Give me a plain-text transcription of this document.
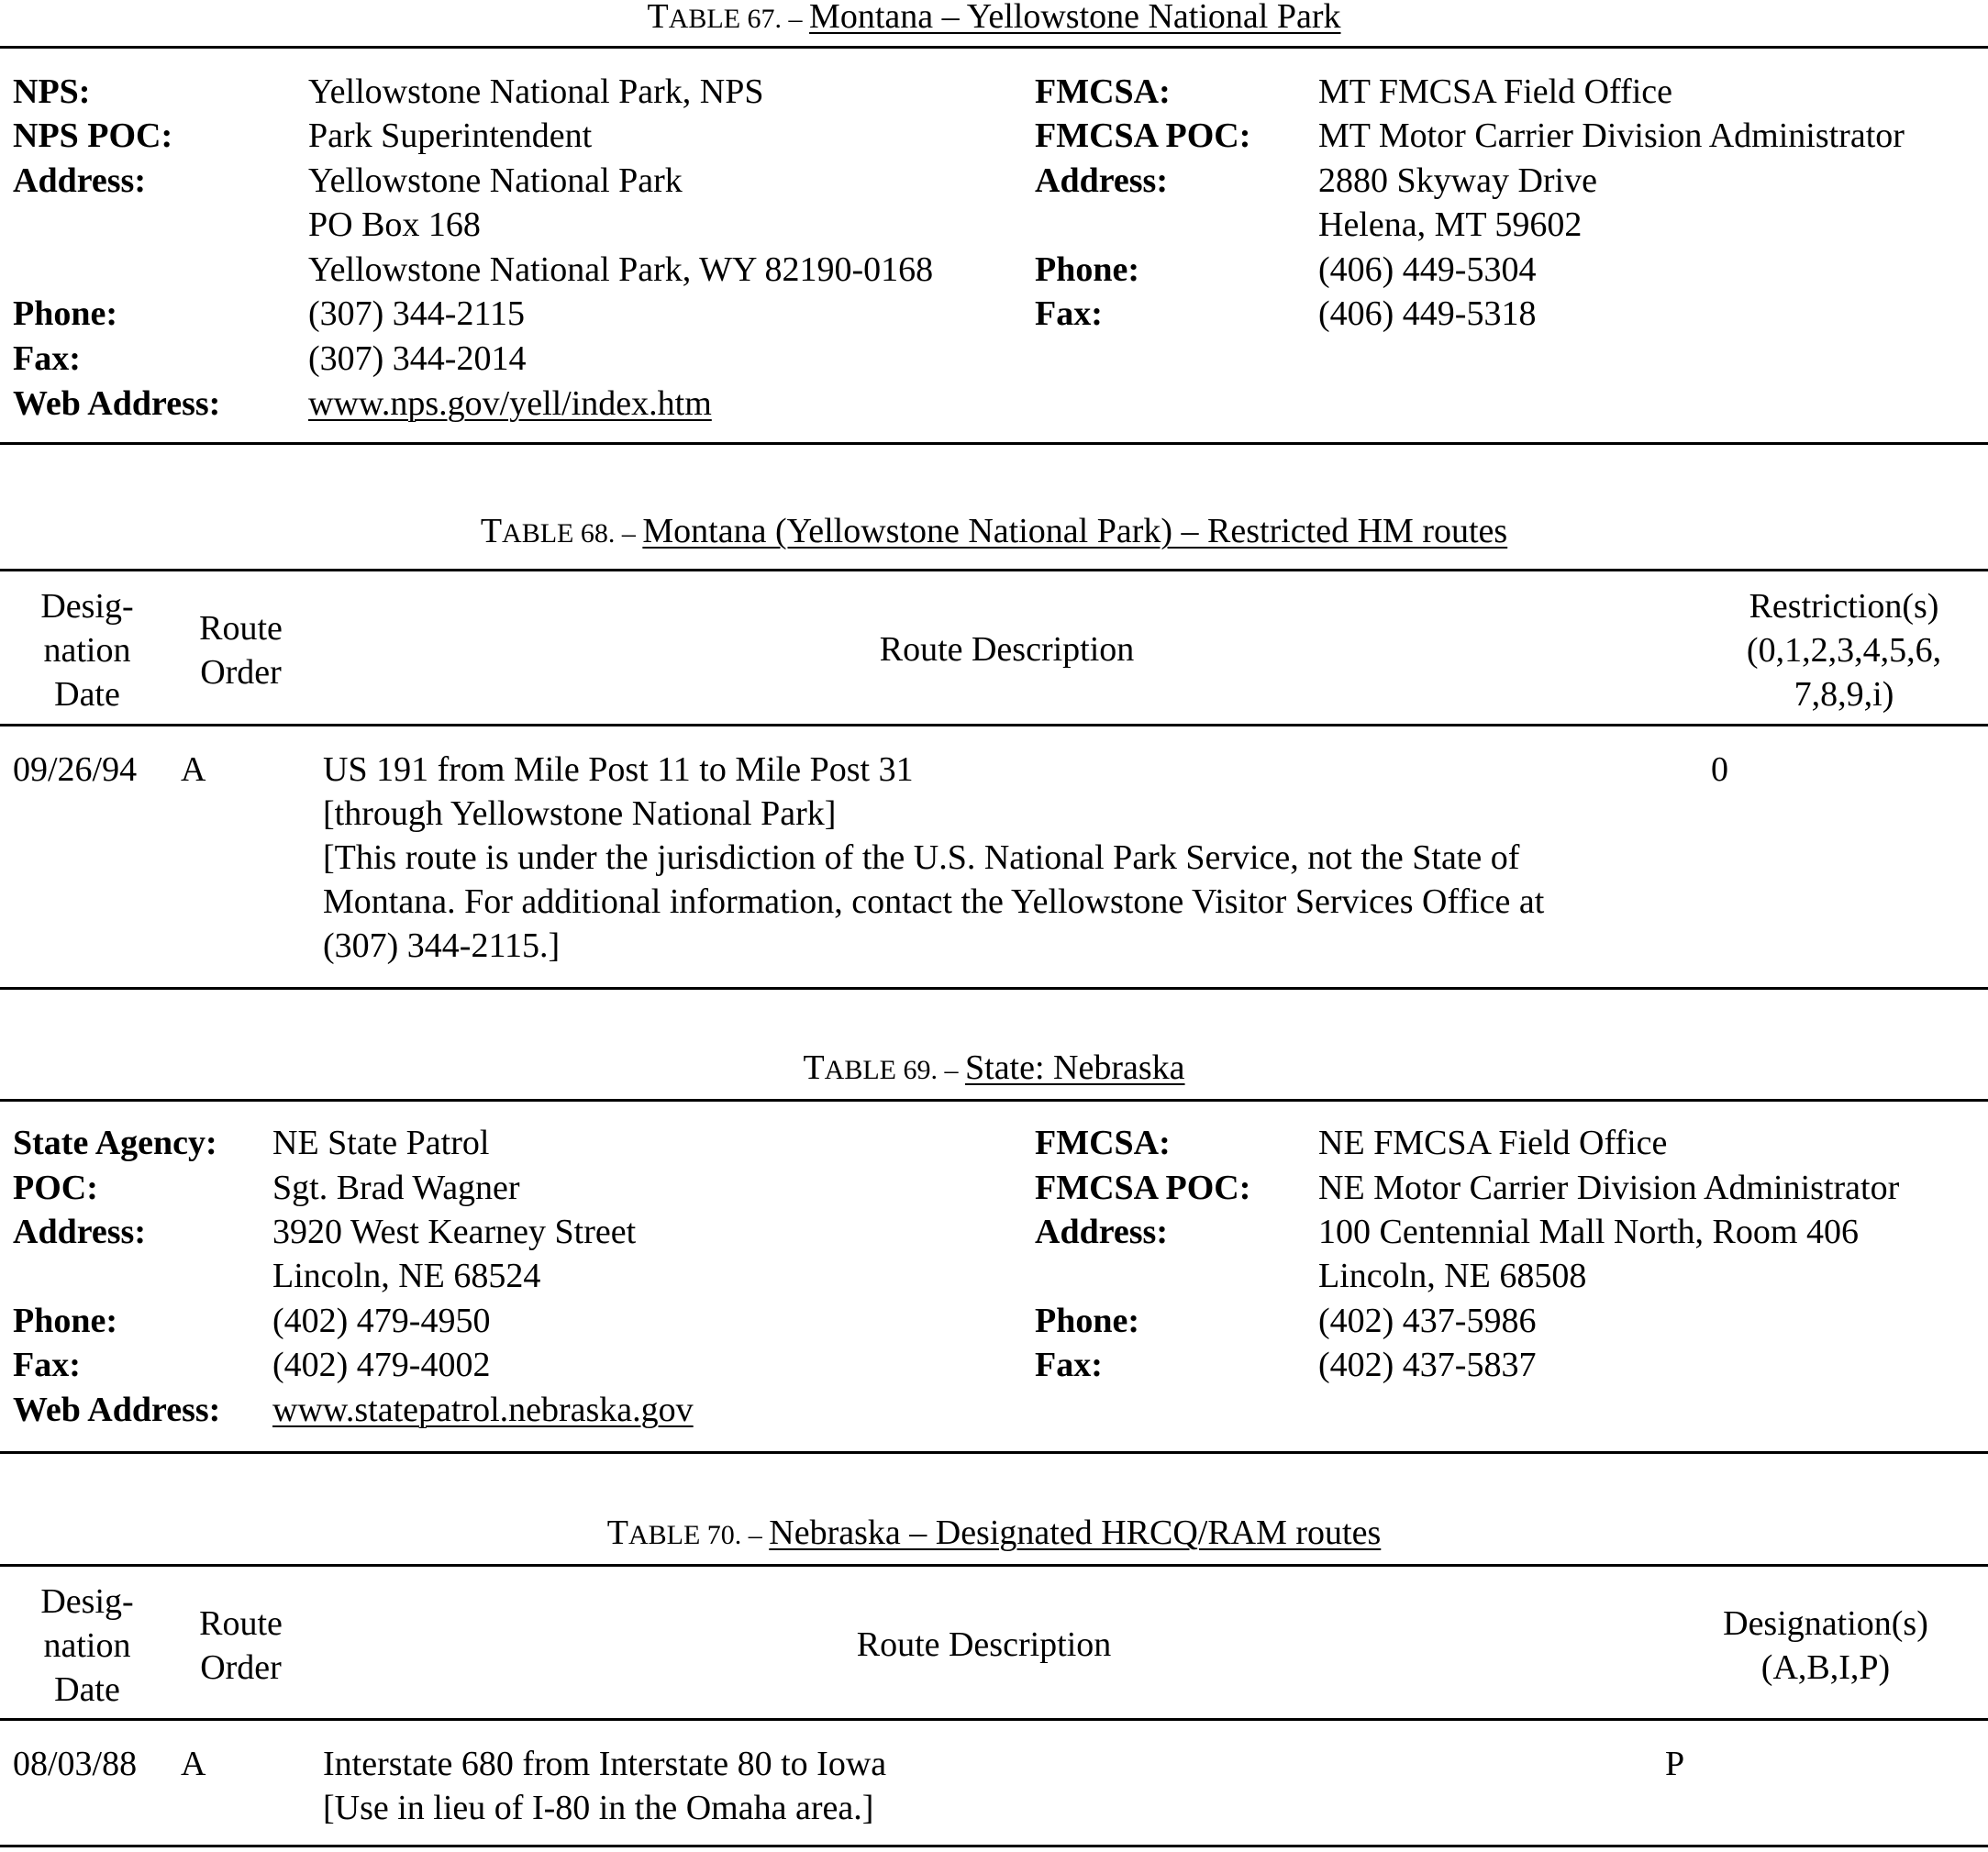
TABLE 67. – Montana – Yellowstone National Park
NPS:
NPS POC:
Address:
Phone:
Fax:
Web Address:
Yellowstone National Park, NPS
Park Superintendent
Yellowstone National Park
PO Box 168
Yellowstone National Park, WY 82190-0168
(307) 344-2115
(307) 344-2014
www.nps.gov/yell/index.htm
FMCSA:
FMCSA POC:
Address:
Phone:
Fax:
MT FMCSA Field Office
MT Motor Carrier Division Administrator
2880 Skyway Drive
Helena, MT 59602
(406) 449-5304
(406) 449-5318
TABLE 68. – Montana (Yellowstone National Park) – Restricted HM routes
Desig-
nation
Date
Route
Order
Route Description
Restriction(s)
(0,1,2,3,4,5,6,
7,8,9,i)
09/26/94 A	US 191 from Mile Post 11 to Mile Post 31
[through Yellowstone National Park]
[This route is under the jurisdiction of the U.S. National Park Service, not the State of
Montana. For additional information, contact the Yellowstone Visitor Services Office at
(307) 344-2115.]
0
TABLE 69. – State: Nebraska
State Agency:
POC:
Address:
Phone:
Fax:
Web Address:
NE State Patrol
Sgt. Brad Wagner
3920 West Kearney Street
Lincoln, NE 68524
(402) 479-4950
(402) 479-4002
www.statepatrol.nebraska.gov
FMCSA:
FMCSA POC:
Address:
Phone:
Fax:
NE FMCSA Field Office
NE Motor Carrier Division Administrator
100 Centennial Mall North, Room 406
Lincoln, NE 68508
(402) 437-5986
(402) 437-5837
TABLE 70. – Nebraska – Designated HRCQ/RAM routes
Desig-
nation
Date
Route
Order
Route Description
Designation(s)
(A,B,I,P)
08/03/88 A	Interstate 680 from Interstate 80 to Iowa
[Use in lieu of I-80 in the Omaha area.]
P
